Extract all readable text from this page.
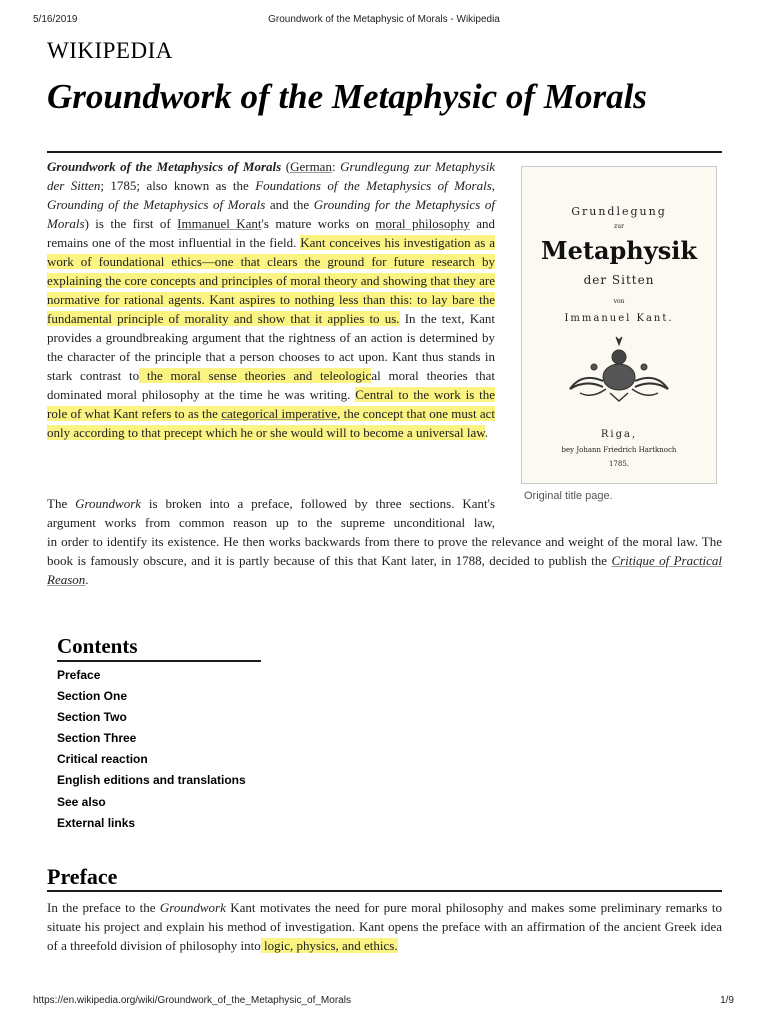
5/16/2019	Groundwork of the Metaphysic of Morals - Wikipedia
WIKIPEDIA
Groundwork of the Metaphysic of Morals
Groundwork of the Metaphysics of Morals (German: Grundlegung zur Metaphysik der Sitten; 1785; also known as the Foundations of the Metaphysics of Morals, Grounding of the Metaphysics of Morals and the Grounding for the Metaphysics of Morals) is the first of Immanuel Kant's mature works on moral philosophy and remains one of the most influential in the field. Kant conceives his investigation as a work of foundational ethics—one that clears the ground for future research by explaining the core concepts and principles of moral theory and showing that they are normative for rational agents. Kant aspires to nothing less than this: to lay bare the fundamental principle of morality and show that it applies to us. In the text, Kant provides a groundbreaking argument that the rightness of an action is determined by the character of the principle that a person chooses to act upon. Kant thus stands in stark contrast to the moral sense theories and teleological moral theories that dominated moral philosophy at the time he was writing. Central to the work is the role of what Kant refers to as the categorical imperative, the concept that one must act only according to that precept which he or she would will to become a universal law.
Grundlegung
zur
Metaphysik
der Sitten
von
Immanuel Kant.
Riga,
bey Johann Friedrich Hartknoch
1785.
Original title page.
The Groundwork is broken into a preface, followed by three sections. Kant's
argument works from common reason up to the supreme unconditional law,
in order to identify its existence. He then works backwards from there to prove the relevance and weight of the moral law. The book is famously obscure, and it is partly because of this that Kant later, in 1788, decided to publish the Critique of Practical Reason.
Contents
Preface
Section One
Section Two
Section Three
Critical reaction
English editions and translations
See also
External links
Preface
In the preface to the Groundwork Kant motivates the need for pure moral philosophy and makes some preliminary remarks to situate his project and explain his method of investigation. Kant opens the preface with an affirmation of the ancient Greek idea of a threefold division of philosophy into logic, physics, and ethics.
https://en.wikipedia.org/wiki/Groundwork_of_the_Metaphysic_of_Morals	1/9
